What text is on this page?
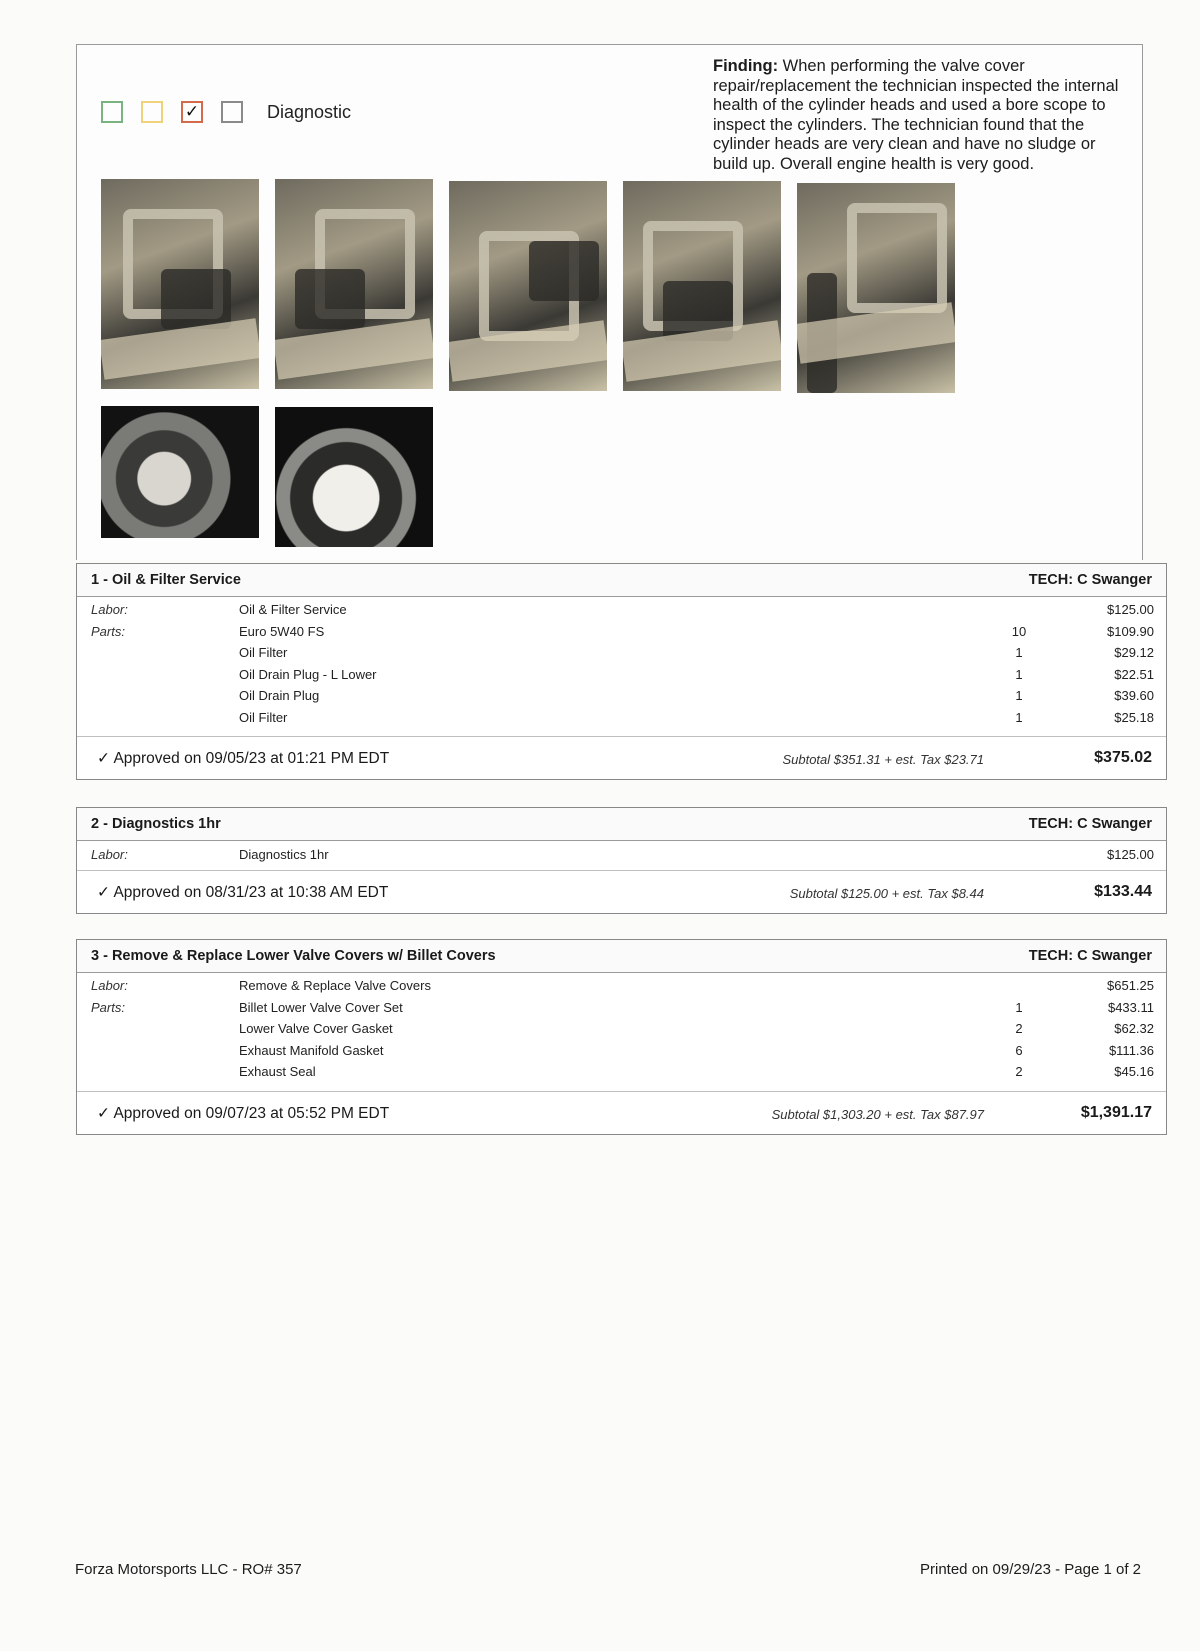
✓	Diagnostic
Finding: When performing the valve cover repair/replacement the technician inspected the internal health of the cylinder heads and used a bore scope to inspect the cylinders. The technician found that the cylinder heads are very clean and have no sludge or build up. Overall engine health is very good.
1 - Oil & Filter Service	TECH: C Swanger
Labor:	Oil & Filter Service	$125.00
Parts:	Euro 5W40 FS	10	$109.90
Oil Filter	1	$29.12
Oil Drain Plug - L Lower	1	$22.51
Oil Drain Plug	1	$39.60
Oil Filter	1	$25.18
✓ Approved on 09/05/23 at 01:21 PM EDT	Subtotal $351.31 + est. Tax $23.71	$375.02
2 - Diagnostics 1hr	TECH: C Swanger
Labor:	Diagnostics 1hr	$125.00
✓ Approved on 08/31/23 at 10:38 AM EDT	Subtotal $125.00 + est. Tax $8.44	$133.44
3 - Remove & Replace Lower Valve Covers w/ Billet Covers	TECH: C Swanger
Labor:	Remove & Replace Valve Covers	$651.25
Parts:	Billet Lower Valve Cover Set	1	$433.11
Lower Valve Cover Gasket	2	$62.32
Exhaust Manifold Gasket	6	$111.36
Exhaust Seal	2	$45.16
✓ Approved on 09/07/23 at 05:52 PM EDT	Subtotal $1,303.20 + est. Tax $87.97	$1,391.17
Forza Motorsports LLC - RO# 357	Printed on 09/29/23 - Page 1 of 2
